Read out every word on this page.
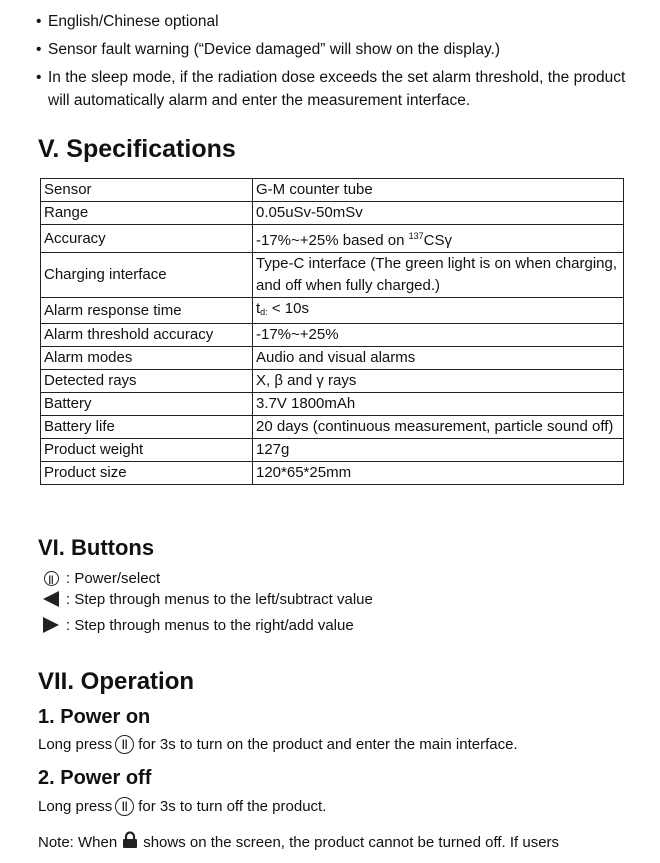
• English/Chinese optional
• Sensor fault warning (“Device damaged” will show on the display.)
• In the sleep mode, if the radiation dose exceeds the set alarm threshold, the product will automatically alarm and enter the measurement interface.
V. Specifications
Sensor	G-M counter tube
Range	0.05uSv-50mSv
Accuracy	-17%~+25% based on $^{137}$CSγ
Charging interface	Type-C interface (The green light is on when charging, and off when fully charged.)
Alarm response time	$t_{d:} < 10s$
Alarm threshold accuracy	-17%~+25%
Alarm modes	Audio and visual alarms
Detected rays	X, β and γ rays
Battery	3.7V 1800mAh
Battery life	20 days (continuous measurement, particle sound off)
Product weight	127g
Product size	120*65*25mm
VI. Buttons
|| : Power/select
: Step through menus to the left/subtract value
: Step through menus to the right/add value
VII. Operation
1. Power on
Long press || for 3s to turn on the product and enter the main interface.
2. Power off
Long press || for 3s to turn off the product.
Note: When shows on the screen, the product cannot be turned off. If users
